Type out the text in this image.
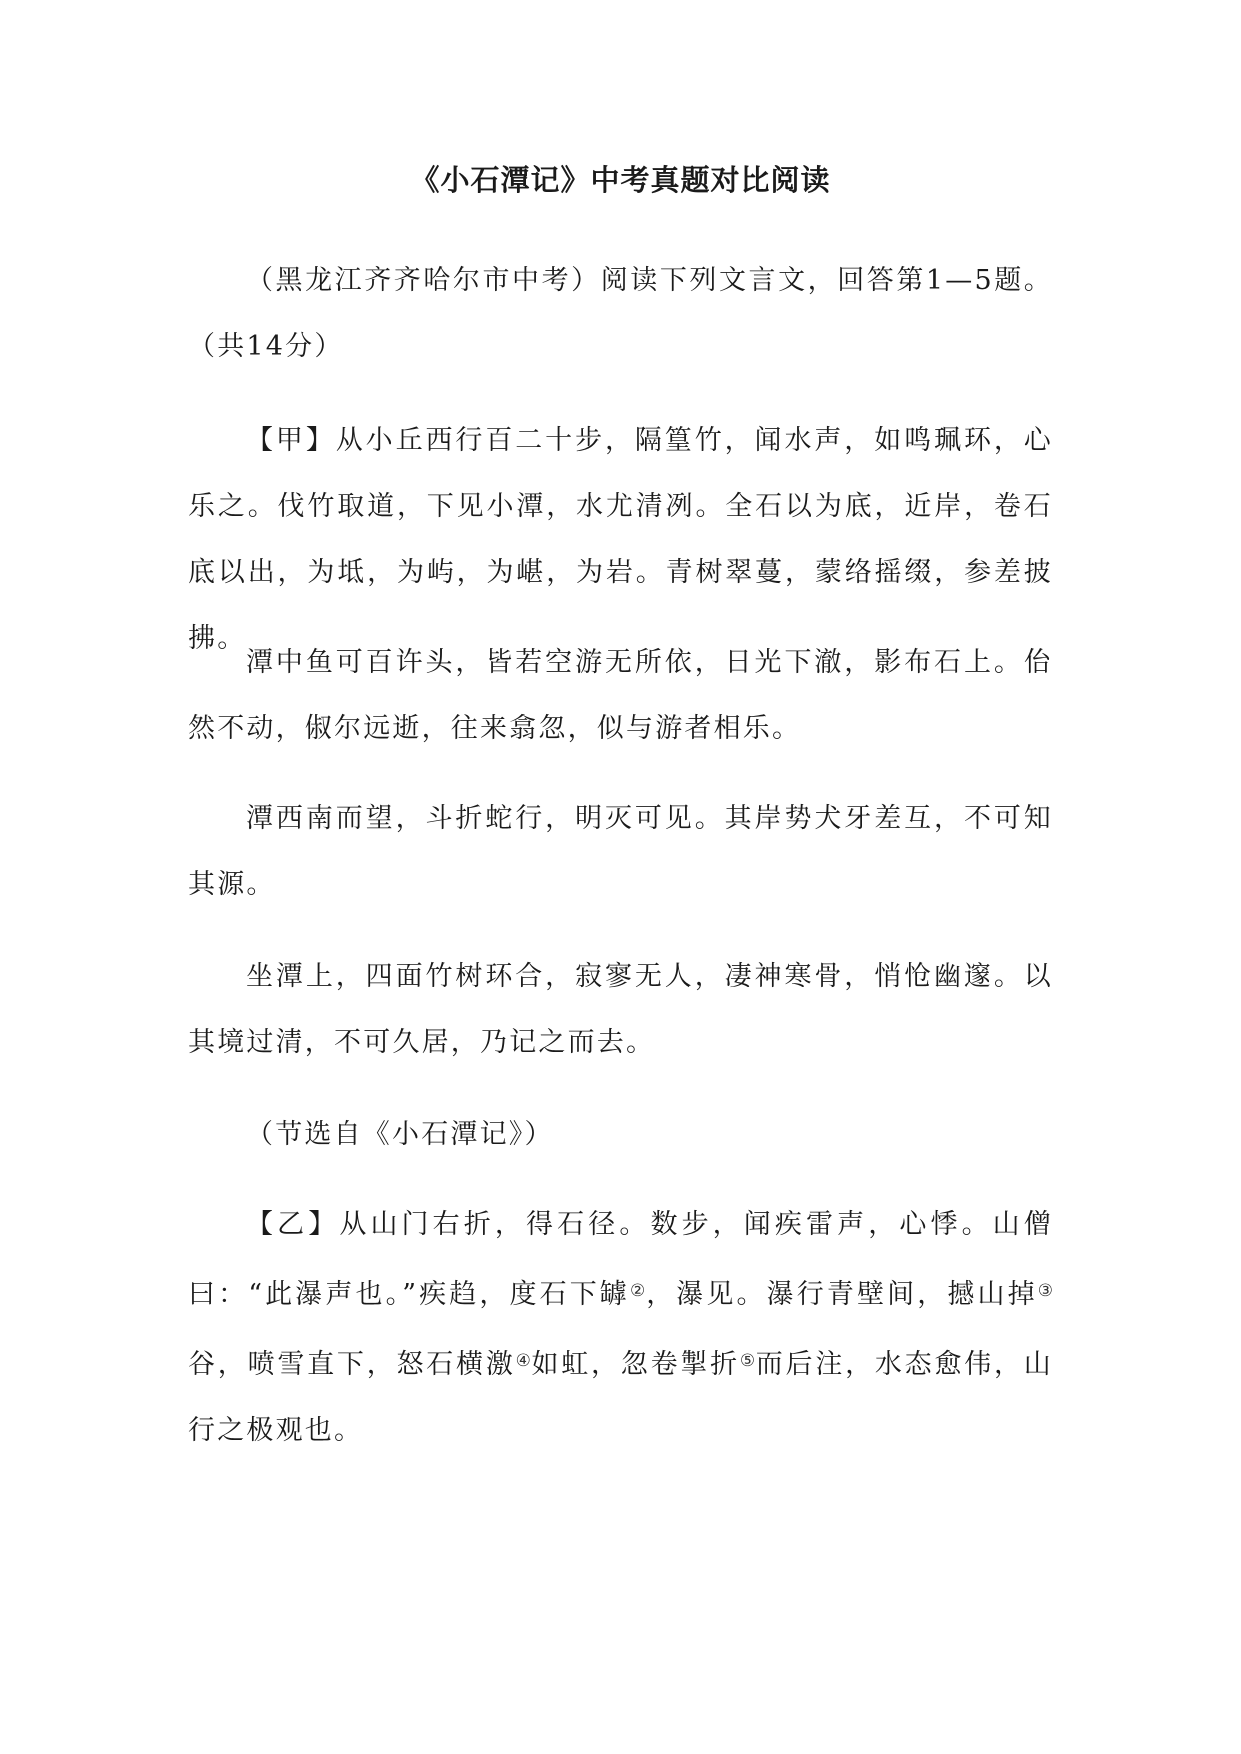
《小石潭记》中考真题对比阅读

（黑龙江齐齐哈尔市中考）阅读下列文言文，回答第1—5题。（共14分）

【甲】从小丘西行百二十步，隔篁竹，闻水声，如鸣珮环，心乐之。伐竹取道，下见小潭，水尤清冽。全石以为底，近岸，卷石底以出，为坻，为屿，为嵁，为岩。青树翠蔓，蒙络摇缀，参差披拂。

潭中鱼可百许头，皆若空游无所依，日光下澈，影布石上。佁然不动，俶尔远逝，往来翕忽，似与游者相乐。

潭西南而望，斗折蛇行，明灭可见。其岸势犬牙差互，不可知其源。

坐潭上，四面竹树环合，寂寥无人，凄神寒骨，悄怆幽邃。以其境过清，不可久居，乃记之而去。

（节选自《小石潭记》）

【乙】从山门右折，得石径。数步，闻疾雷声，心悸。山僧曰：“此瀑声也。”疾趋，度石下罅②，瀑见。瀑行青壁间，撼山掉③谷，喷雪直下，怒石横激④如虹，忽卷掣折⑤而后注，水态愈伟，山行之极观也。
